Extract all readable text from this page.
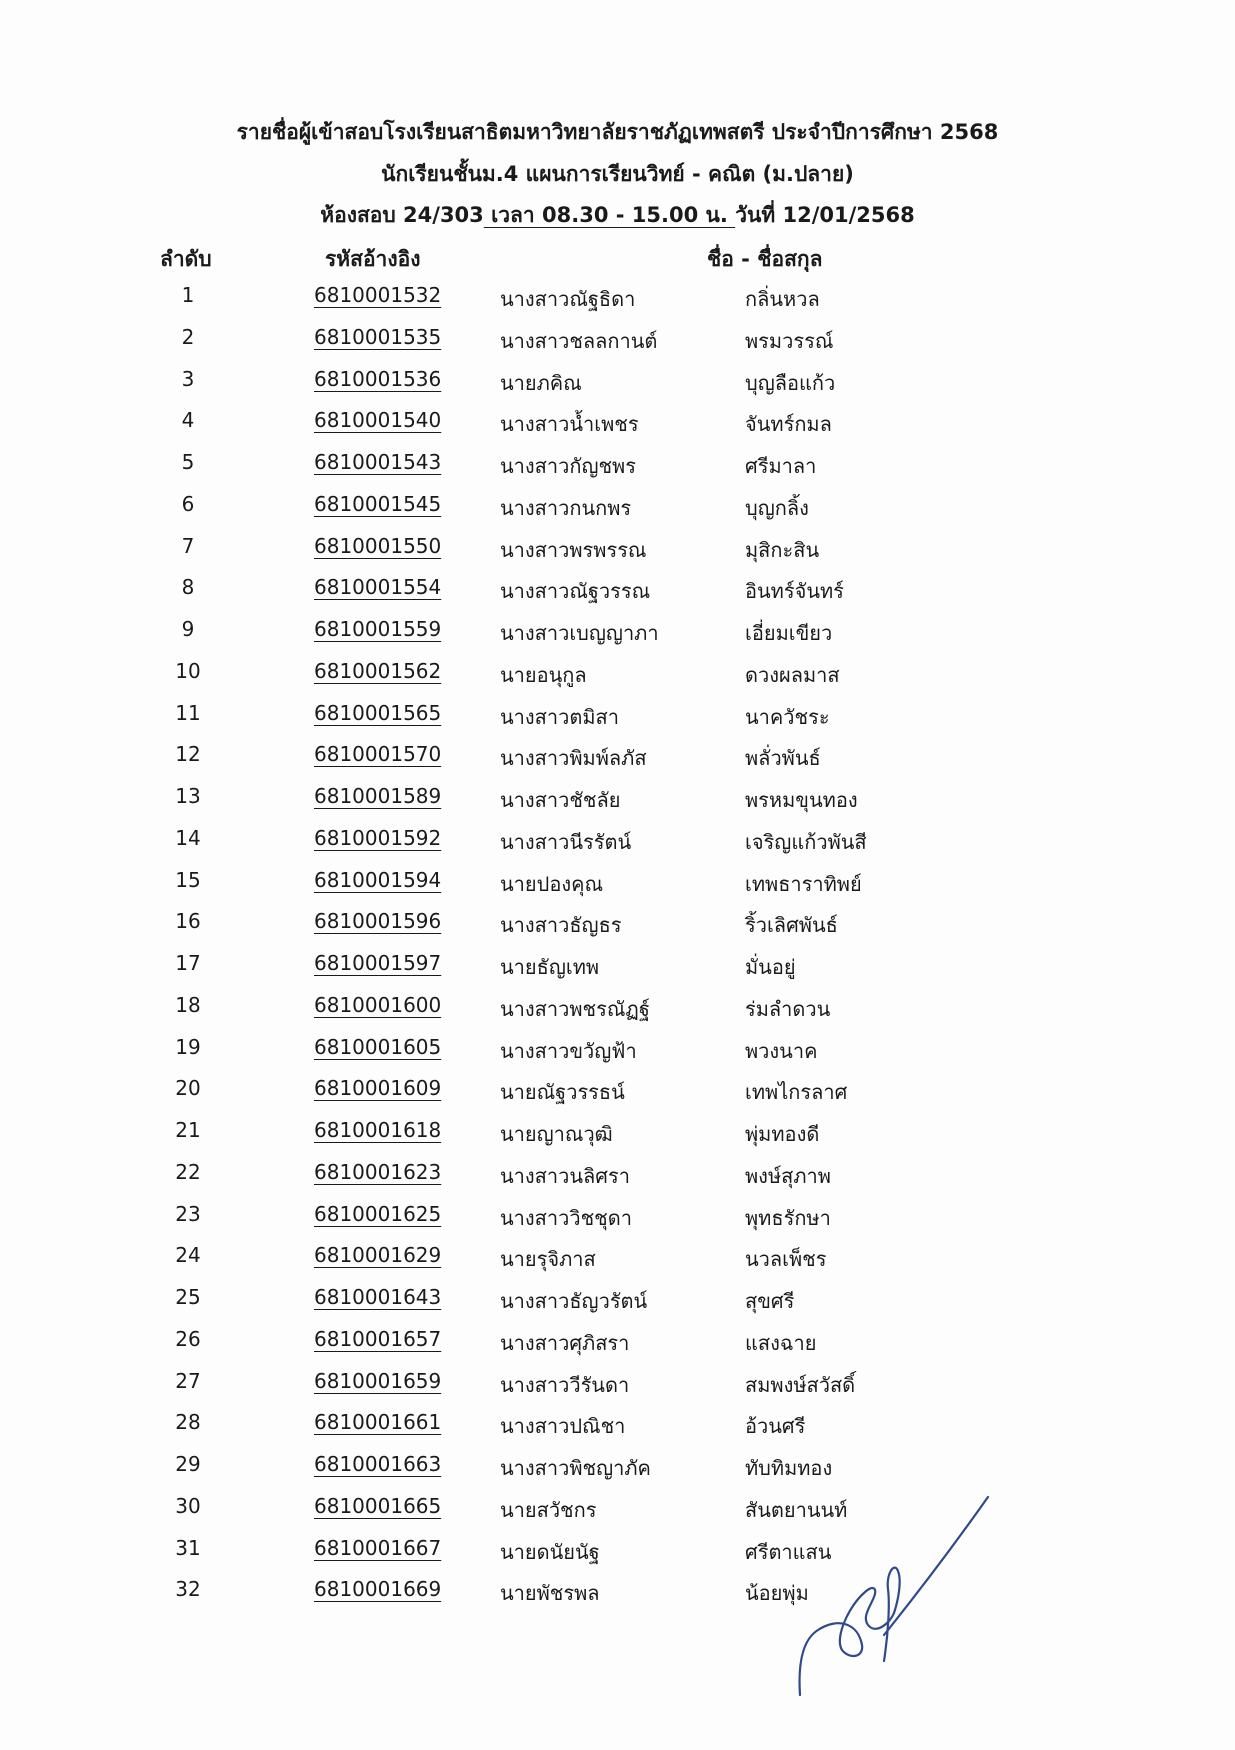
รายชื่อผู้เข้าสอบโรงเรียนสาธิตมหาวิทยาลัยราชภัฏเทพสตรี ประจำปีการศึกษา 2568
นักเรียนชั้นม.4 แผนการเรียนวิทย์ - คณิต (ม.ปลาย)
ห้องสอบ 24/303 เวลา 08.30 - 15.00 น. วันที่ 12/01/2568
ลำดับ	รหัสอ้างอิง	ชื่อ - ชื่อสกุล
1	6810001532	นางสาวณัฐธิดา	กลิ่นหวล
2	6810001535	นางสาวชลลกานต์	พรมวรรณ์
3	6810001536	นายภคิณ	บุญลือแก้ว
4	6810001540	นางสาวน้ำเพชร	จันทร์กมล
5	6810001543	นางสาวกัญชพร	ศรีมาลา
6	6810001545	นางสาวกนกพร	บุญกลิ้ง
7	6810001550	นางสาวพรพรรณ	มุสิกะสิน
8	6810001554	นางสาวณัฐวรรณ	อินทร์จันทร์
9	6810001559	นางสาวเบญญาภา	เอี่ยมเขียว
10	6810001562	นายอนุกูล	ดวงผลมาส
11	6810001565	นางสาวตมิสา	นาควัชระ
12	6810001570	นางสาวพิมพ์ลภัส	พลั่วพันธ์
13	6810001589	นางสาวชัชลัย	พรหมขุนทอง
14	6810001592	นางสาวนีรรัตน์	เจริญแก้วพันสี
15	6810001594	นายปองคุณ	เทพธาราทิพย์
16	6810001596	นางสาวธัญธร	ริ้วเลิศพันธ์
17	6810001597	นายธัญเทพ	มั่นอยู่
18	6810001600	นางสาวพชรณัฏฐ์	ร่มลำดวน
19	6810001605	นางสาวขวัญฟ้า	พวงนาค
20	6810001609	นายณัฐวรรธน์	เทพไกรลาศ
21	6810001618	นายญาณวุฒิ	พุ่มทองดี
22	6810001623	นางสาวนลิศรา	พงษ์สุภาพ
23	6810001625	นางสาววิชชุดา	พุทธรักษา
24	6810001629	นายรุจิภาส	นวลเพ็ชร
25	6810001643	นางสาวธัญวรัตน์	สุขศรี
26	6810001657	นางสาวศุภิสรา	แสงฉาย
27	6810001659	นางสาววีรันดา	สมพงษ์สวัสดิ์
28	6810001661	นางสาวปณิชา	อ้วนศรี
29	6810001663	นางสาวพิชญาภัค	ทับทิมทอง
30	6810001665	นายสวัชกร	สันตยานนท์
31	6810001667	นายดนัยนัฐ	ศรีตาแสน
32	6810001669	นายพัชรพล	น้อยพุ่ม
